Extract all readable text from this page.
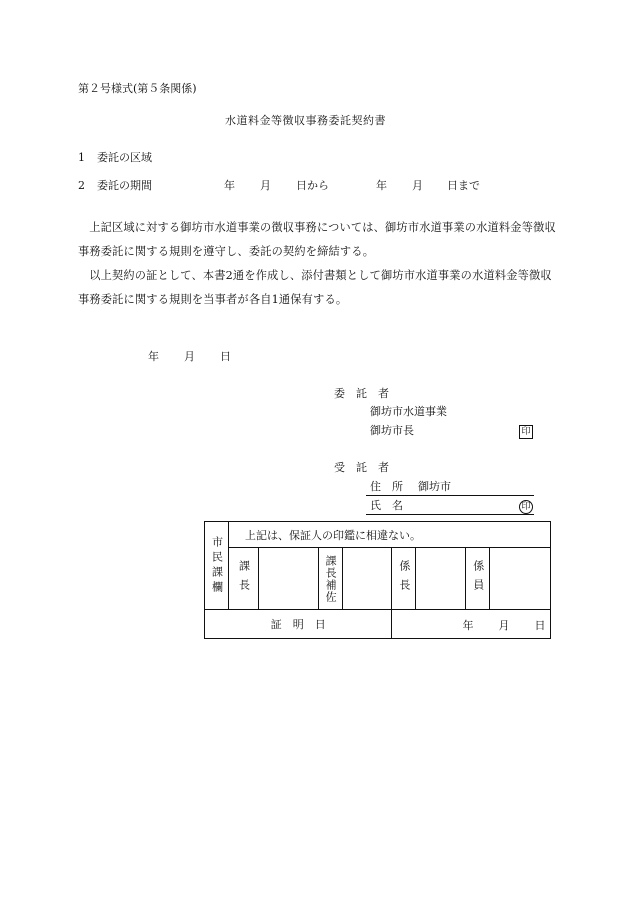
第２号様式(第５条関係)
水道料金等徴収事務委託契約書
1 委託の区域
2 委託の期間	年 月 日から	年 月 日まで

上記区域に対する御坊市水道事業の徴収事務については、御坊市水道事業の水道料金等徴収事務委託に関する規則を遵守し、委託の契約を締結する。

以上契約の証として、本書2通を作成し、添付書類として御坊市水道事業の水道料金等徴収事務委託に関する規則を当事者が各自1通保有する。

年 月 日
委　託　者
御坊市水道事業
御坊市長	印
受　託　者
住　所 御坊市
氏　名	印
市民課欄	上記は、保証人の印鑑に相違ない。							

	課長		課長補佐		係長		係員	

証　明　日					年 月 日			
